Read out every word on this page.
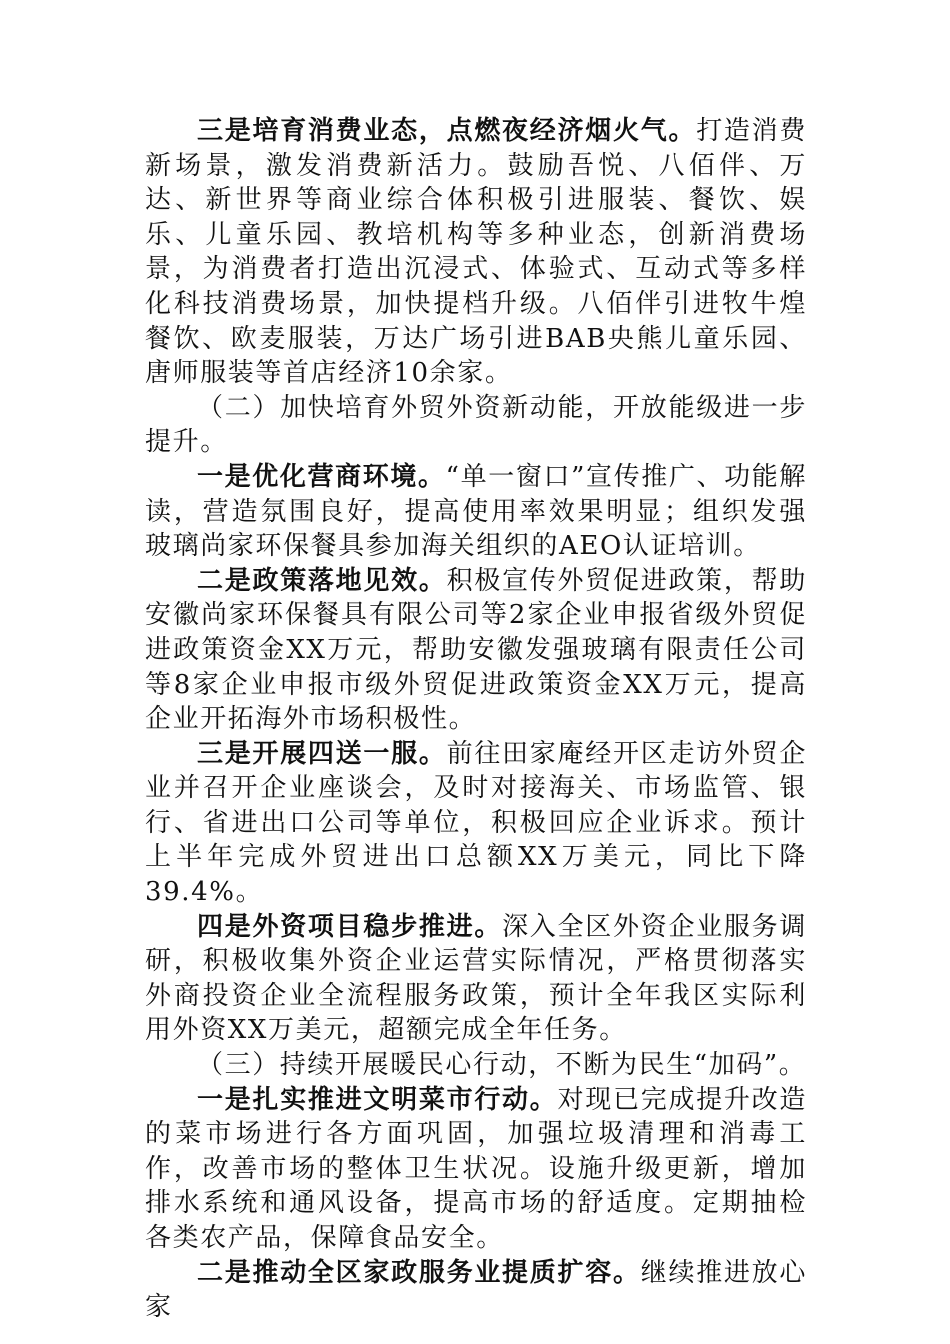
三是培育消费业态，点燃夜经济烟火气。打造消费新场景，激发消费新活力。鼓励吾悦、八佰伴、万达、新世界等商业综合体积极引进服装、餐饮、娱乐、儿童乐园、教培机构等多种业态，创新消费场景，为消费者打造出沉浸式、体验式、互动式等多样化科技消费场景，加快提档升级。八佰伴引进牧牛煌餐饮、欧麦服装，万达广场引进BAB央熊儿童乐园、唐师服装等首店经济10余家。

（二）加快培育外贸外资新动能，开放能级进一步提升。

一是优化营商环境。“单一窗口”宣传推广、功能解读，营造氛围良好，提高使用率效果明显；组织发强玻璃尚家环保餐具参加海关组织的AEO认证培训。

二是政策落地见效。积极宣传外贸促进政策，帮助安徽尚家环保餐具有限公司等2家企业申报省级外贸促进政策资金XX万元，帮助安徽发强玻璃有限责任公司等8家企业申报市级外贸促进政策资金XX万元，提高企业开拓海外市场积极性。

三是开展四送一服。前往田家庵经开区走访外贸企业并召开企业座谈会，及时对接海关、市场监管、银行、省进出口公司等单位，积极回应企业诉求。预计上半年完成外贸进出口总额XX万美元，同比下降39.4%。

四是外资项目稳步推进。深入全区外资企业服务调研，积极收集外资企业运营实际情况，严格贯彻落实外商投资企业全流程服务政策，预计全年我区实际利用外资XX万美元，超额完成全年任务。

（三）持续开展暖民心行动，不断为民生“加码”。

一是扎实推进文明菜市行动。对现已完成提升改造的菜市场进行各方面巩固，加强垃圾清理和消毒工作，改善市场的整体卫生状况。设施升级更新，增加排水系统和通风设备，提高市场的舒适度。定期抽检各类农产品，保障食品安全。

二是推动全区家政服务业提质扩容。继续推进放心家
